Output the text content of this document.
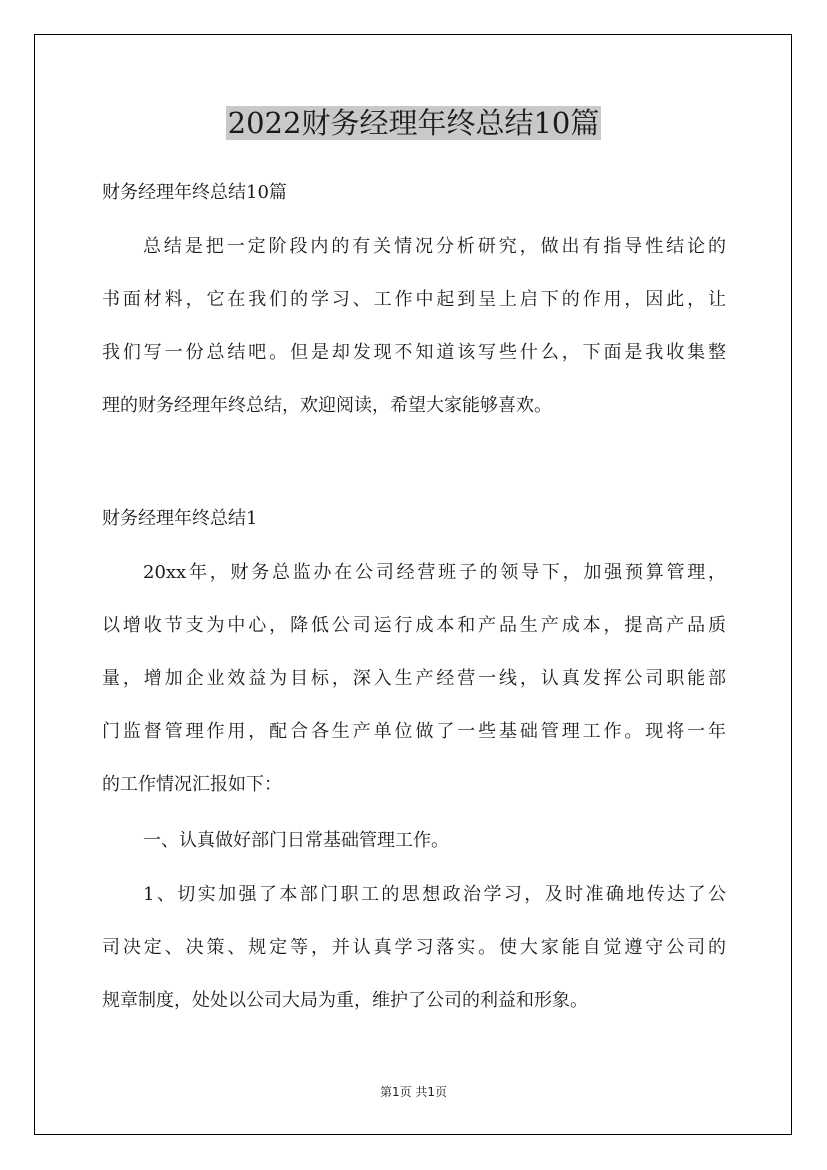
2022财务经理年终总结10篇

财务经理年终总结10篇

总结是把一定阶段内的有关情况分析研究，做出有指导性结论的

书面材料，它在我们的学习、工作中起到呈上启下的作用，因此，让

我们写一份总结吧。但是却发现不知道该写些什么，下面是我收集整

理的财务经理年终总结，欢迎阅读，希望大家能够喜欢。

财务经理年终总结1

20xx年，财务总监办在公司经营班子的领导下，加强预算管理，

以增收节支为中心，降低公司运行成本和产品生产成本，提高产品质

量，增加企业效益为目标，深入生产经营一线，认真发挥公司职能部

门监督管理作用，配合各生产单位做了一些基础管理工作。现将一年

的工作情况汇报如下：

一、认真做好部门日常基础管理工作。

1、切实加强了本部门职工的思想政治学习，及时准确地传达了公

司决定、决策、规定等，并认真学习落实。使大家能自觉遵守公司的

规章制度，处处以公司大局为重，维护了公司的利益和形象。

第1页 共1页
